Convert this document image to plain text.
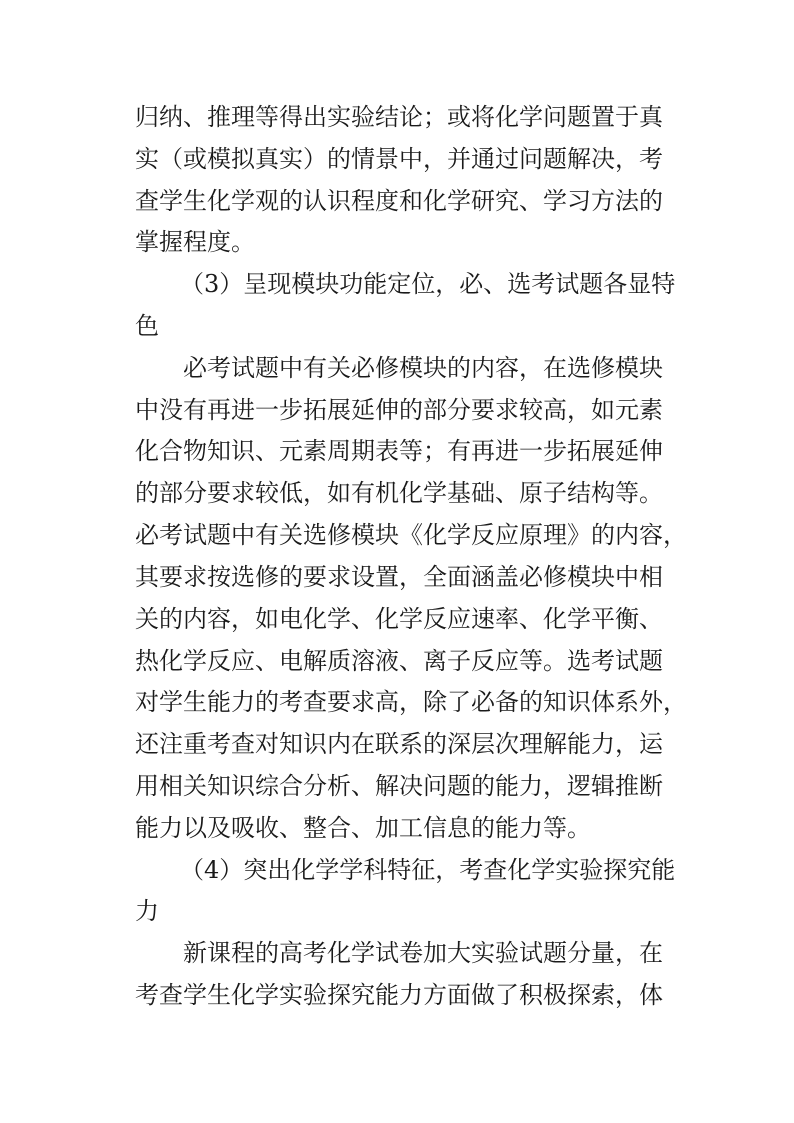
归纳、推理等得出实验结论；或将化学问题置于真
实（或模拟真实）的情景中，并通过问题解决，考
查学生化学观的认识程度和化学研究、学习方法的
掌握程度。
（3）呈现模块功能定位，必、选考试题各显特
色
必考试题中有关必修模块的内容，在选修模块
中没有再进一步拓展延伸的部分要求较高，如元素
化合物知识、元素周期表等；有再进一步拓展延伸
的部分要求较低，如有机化学基础、原子结构等。
必考试题中有关选修模块《化学反应原理》的内容，
其要求按选修的要求设置，全面涵盖必修模块中相
关的内容，如电化学、化学反应速率、化学平衡、
热化学反应、电解质溶液、离子反应等。选考试题
对学生能力的考查要求高，除了必备的知识体系外，
还注重考查对知识内在联系的深层次理解能力，运
用相关知识综合分析、解决问题的能力，逻辑推断
能力以及吸收、整合、加工信息的能力等。
（4）突出化学学科特征，考查化学实验探究能
力
新课程的高考化学试卷加大实验试题分量，在
考查学生化学实验探究能力方面做了积极探索，体
